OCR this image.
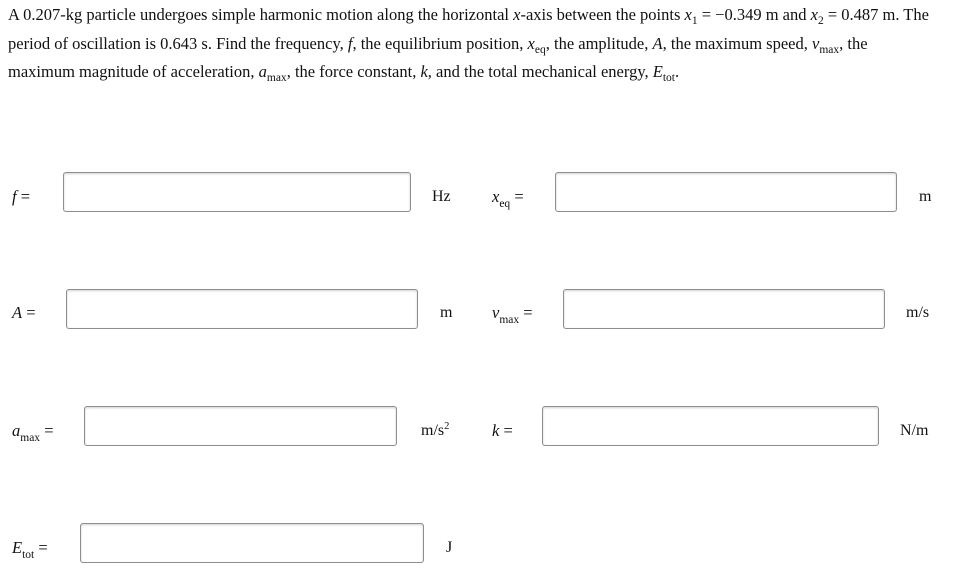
A 0.207-kg particle undergoes simple harmonic motion along the horizontal x-axis between the points $x_1 = -0.349$ m and $x_2 = 0.487$ m. The period of oscillation is 0.643 s. Find the frequency, f, the equilibrium position, $x_{eq}$, the amplitude, A, the maximum speed, $v_{max}$, the maximum magnitude of acceleration, $a_{max}$, the force constant, k, and the total mechanical energy, $E_{tot}$.
f =	Hz	$x_{eq}$ =	m
A =	m $v_{max}$ =	m/s
$a_{max}$ =	$m/s^2$	k =	N/m
$E_{tot}$ =	J
